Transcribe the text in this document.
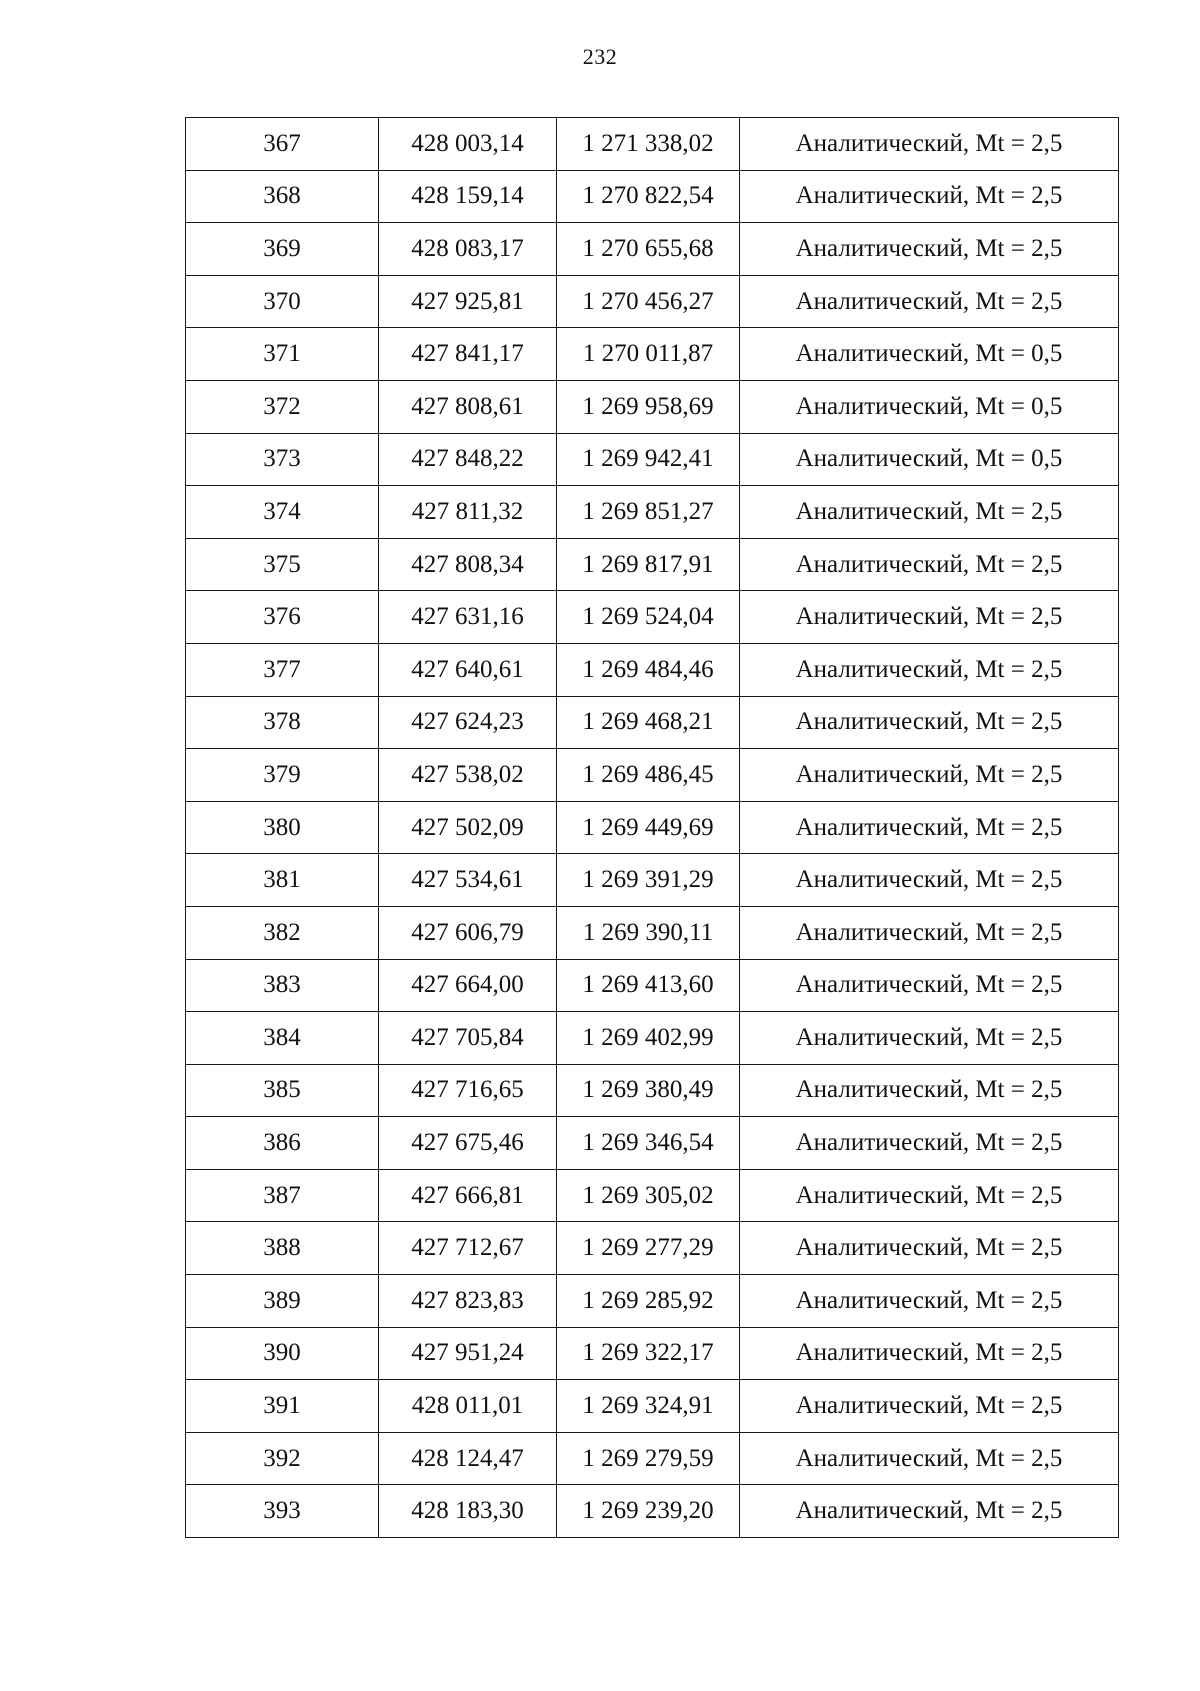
232
367	428 003,14	1 271 338,02	Аналитический, Mt = 2,5
368	428 159,14	1 270 822,54	Аналитический, Mt = 2,5
369	428 083,17	1 270 655,68	Аналитический, Mt = 2,5
370	427 925,81	1 270 456,27	Аналитический, Mt = 2,5
371	427 841,17	1 270 011,87	Аналитический, Mt = 0,5
372	427 808,61	1 269 958,69	Аналитический, Mt = 0,5
373	427 848,22	1 269 942,41	Аналитический, Mt = 0,5
374	427 811,32	1 269 851,27	Аналитический, Mt = 2,5
375	427 808,34	1 269 817,91	Аналитический, Mt = 2,5
376	427 631,16	1 269 524,04	Аналитический, Mt = 2,5
377	427 640,61	1 269 484,46	Аналитический, Mt = 2,5
378	427 624,23	1 269 468,21	Аналитический, Mt = 2,5
379	427 538,02	1 269 486,45	Аналитический, Mt = 2,5
380	427 502,09	1 269 449,69	Аналитический, Mt = 2,5
381	427 534,61	1 269 391,29	Аналитический, Mt = 2,5
382	427 606,79	1 269 390,11	Аналитический, Mt = 2,5
383	427 664,00	1 269 413,60	Аналитический, Mt = 2,5
384	427 705,84	1 269 402,99	Аналитический, Mt = 2,5
385	427 716,65	1 269 380,49	Аналитический, Mt = 2,5
386	427 675,46	1 269 346,54	Аналитический, Mt = 2,5
387	427 666,81	1 269 305,02	Аналитический, Mt = 2,5
388	427 712,67	1 269 277,29	Аналитический, Mt = 2,5
389	427 823,83	1 269 285,92	Аналитический, Mt = 2,5
390	427 951,24	1 269 322,17	Аналитический, Mt = 2,5
391	428 011,01	1 269 324,91	Аналитический, Mt = 2,5
392	428 124,47	1 269 279,59	Аналитический, Mt = 2,5
393	428 183,30	1 269 239,20	Аналитический, Mt = 2,5
